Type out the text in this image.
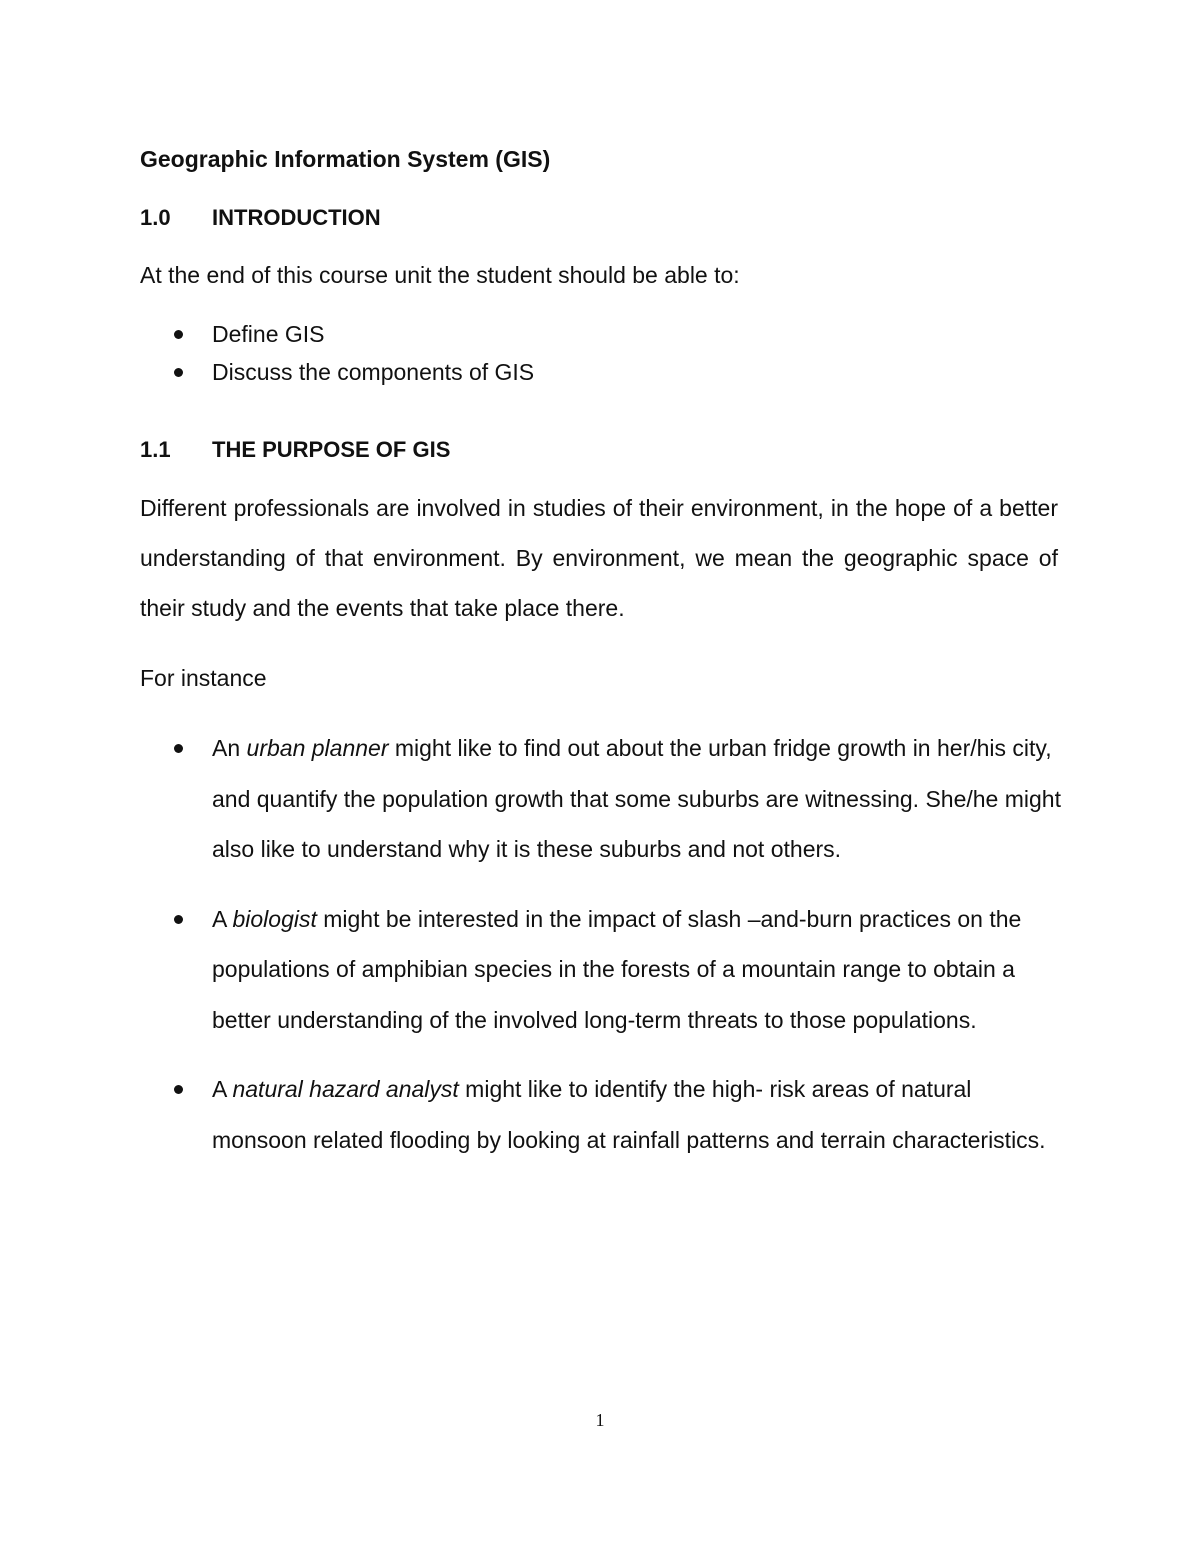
Geographic Information System (GIS)
1.0 INTRODUCTION
At the end of this course unit the student should be able to:
Define GIS
Discuss the components of GIS
1.1 THE PURPOSE OF GIS
Different professionals are involved in studies of their environment, in the hope of a better understanding of that environment. By environment, we mean the geographic space of their study and the events that take place there.
For instance
An urban planner might like to find out about the urban fridge growth in her/his city, and quantify the population growth that some suburbs are witnessing. She/he might also like to understand why it is these suburbs and not others.
A biologist might be interested in the impact of slash –and-burn practices on the populations of amphibian species in the forests of a mountain range to obtain a better understanding of the involved long-term threats to those populations.
A natural hazard analyst might like to identify the high- risk areas of natural monsoon related flooding by looking at rainfall patterns and terrain characteristics.
1
